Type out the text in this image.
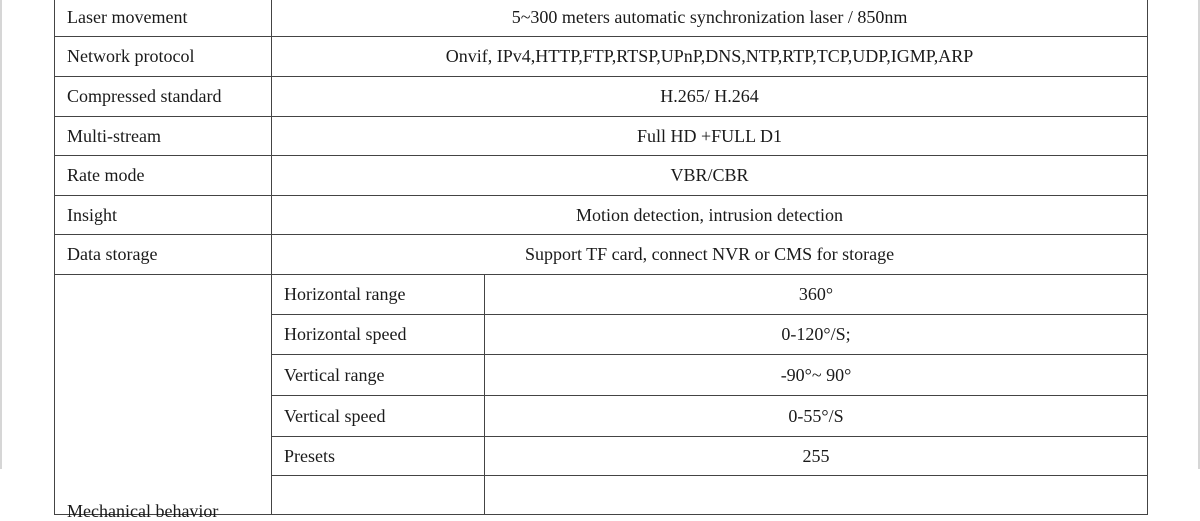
Laser movement	5~300 meters automatic synchronization laser / 850nm	
Network protocol	Onvif, IPv4,HTTP,FTP,RTSP,UPnP,DNS,NTP,RTP,TCP,UDP,IGMP,ARP	
Compressed standard	H.265/ H.264	
Multi-stream	Full HD +FULL D1	
Rate mode	VBR/CBR	
Insight	Motion detection, intrusion detection	
Data storage	Support TF card, connect NVR or CMS for storage	
Mechanical behavior	Horizontal range	360°
	Horizontal speed	0-120°/S;
	Vertical range	-90°~ 90°
	Vertical speed	0-55°/S
	Presets	255
